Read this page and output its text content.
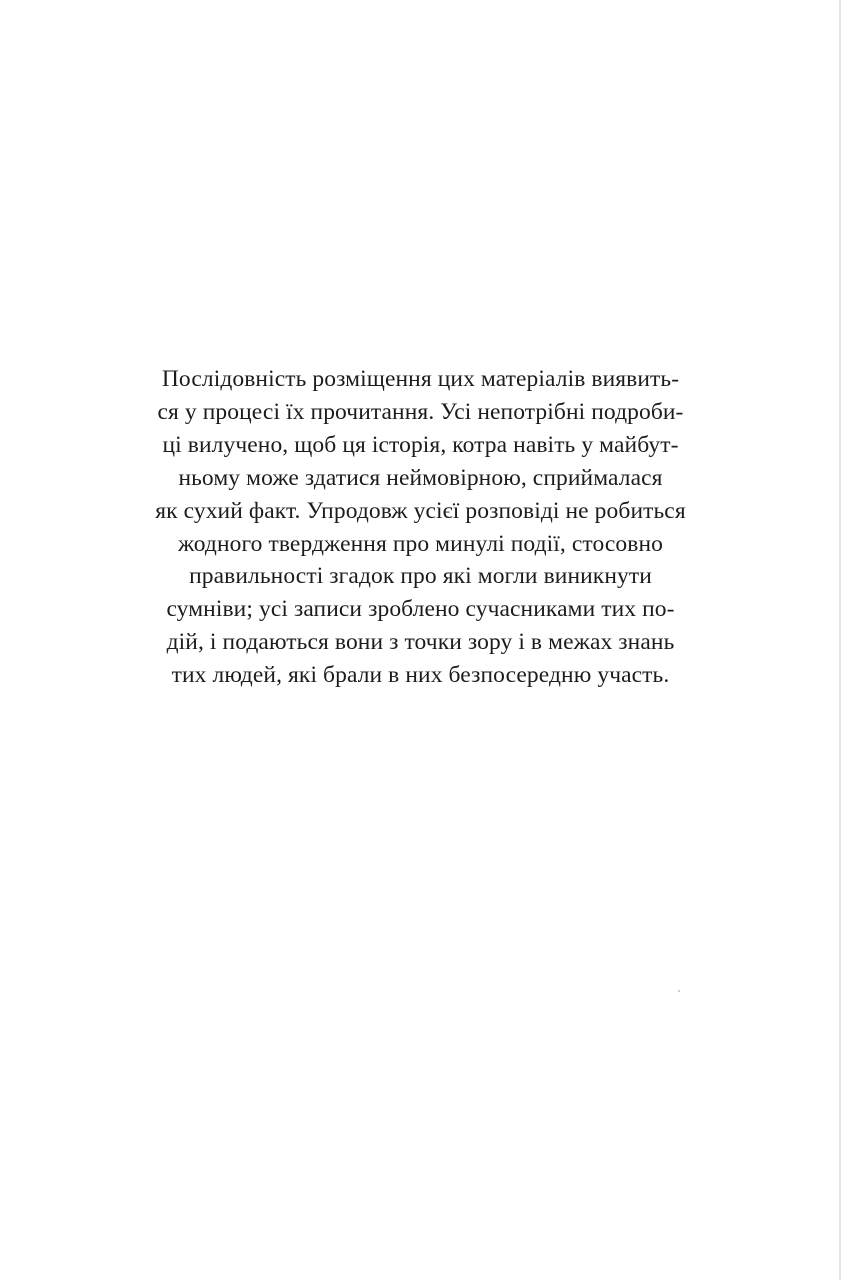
Послідовність розміщення цих матеріалів виявить-
ся у процесі їх прочитання. Усі непотрібні подроби-
ці вилучено, щоб ця історія, котра навіть у майбут-
ньому може здатися неймовірною, сприймалася
як сухий факт. Упродовж усієї розповіді не робиться
жодного твердження про минулі події, стосовно
правильності згадок про які могли виникнути
сумніви; усі записи зроблено сучасниками тих по-
дій, і подаються вони з точки зору і в межах знань
тих людей, які брали в них безпосередню участь.
